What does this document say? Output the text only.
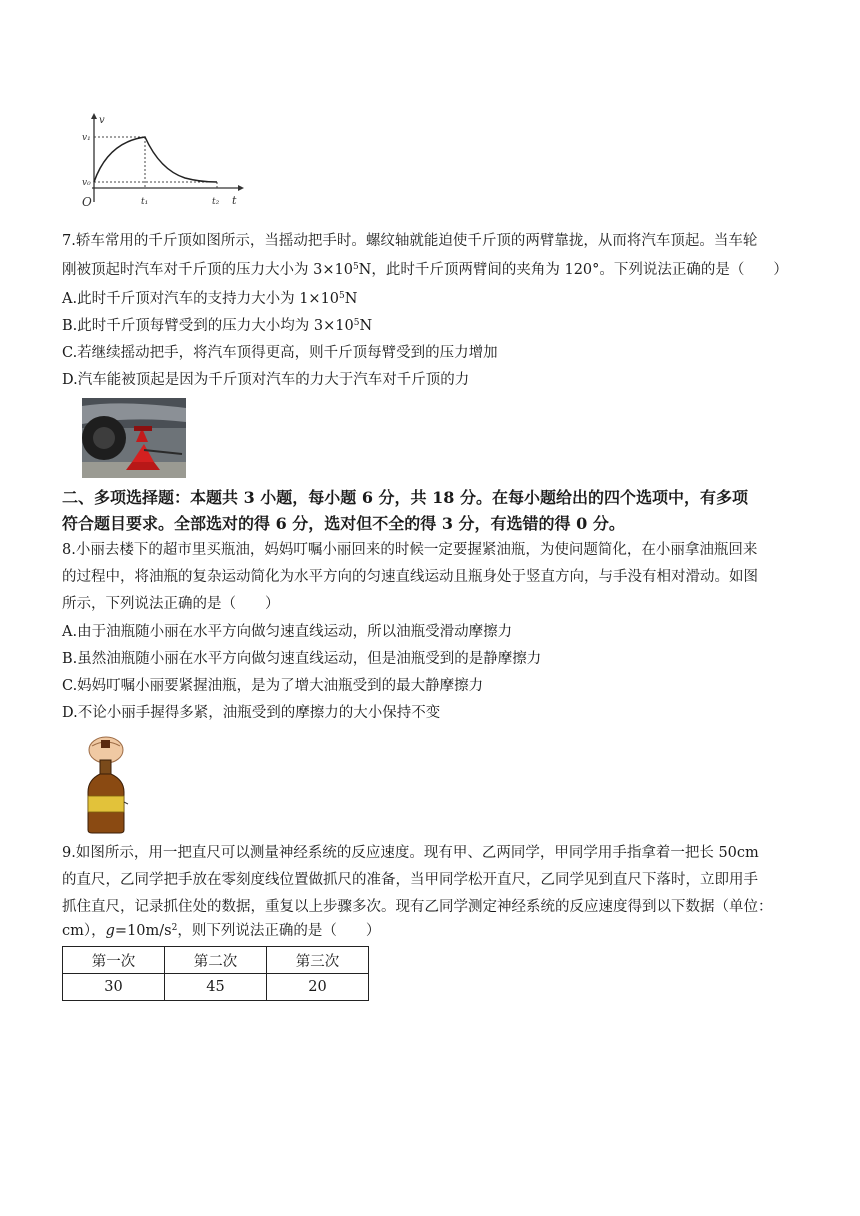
v
t
O
v₁
v₀
t₁	t₂
7.轿车常用的千斤顶如图所示，当摇动把手时。螺纹轴就能迫使千斤顶的两臂靠拢，从而将汽车顶起。当车轮
刚被顶起时汽车对千斤顶的压力大小为 $3\times 10^5N$，此时千斤顶两臂间的夹角为 120°。下列说法正确的是（　　）
A.此时千斤顶对汽车的支持力大小为 $1\times 10^5N$
B.此时千斤顶每臂受到的压力大小均为 $3\times 10^5N$
C.若继续摇动把手，将汽车顶得更高，则千斤顶每臂受到的压力增加
D.汽车能被顶起是因为千斤顶对汽车的力大于汽车对千斤顶的力
二、多项选择题：本题共 3 小题，每小题 6 分，共 18 分。在每小题给出的四个选项中，有多项
符合题目要求。全部选对的得 6 分，选对但不全的得 3 分，有选错的得 0 分。
8.小丽去楼下的超市里买瓶油，妈妈叮嘱小丽回来的时候一定要握紧油瓶，为使问题简化，在小丽拿油瓶回来
的过程中，将油瓶的复杂运动简化为水平方向的匀速直线运动且瓶身处于竖直方向，与手没有相对滑动。如图
所示，下列说法正确的是（　　）
A.由于油瓶随小丽在水平方向做匀速直线运动，所以油瓶受滑动摩擦力
B.虽然油瓶随小丽在水平方向做匀速直线运动，但是油瓶受到的是静摩擦力
C.妈妈叮嘱小丽要紧握油瓶，是为了增大油瓶受到的最大静摩擦力
D.不论小丽手握得多紧，油瓶受到的摩擦力的大小保持不变
9.如图所示，用一把直尺可以测量神经系统的反应速度。现有甲、乙两同学，甲同学用手指拿着一把长 50cm
的直尺，乙同学把手放在零刻度线位置做抓尺的准备，当甲同学松开直尺，乙同学见到直尺下落时，立即用手
抓住直尺，记录抓住处的数据，重复以上步骤多次。现有乙同学测定神经系统的反应速度得到以下数据（单位：
cm），$g=10m/s^2$，则下列说法正确的是（　　）
第一次	第二次	第三次
30	45	20
